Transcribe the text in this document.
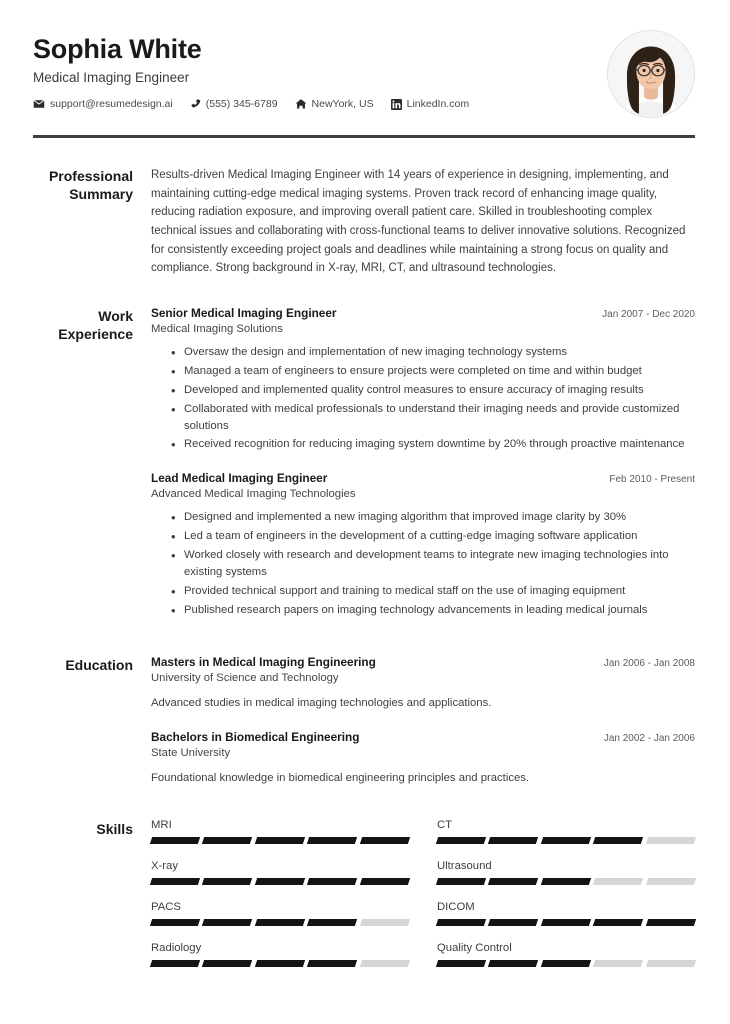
Sophia White
Medical Imaging Engineer
support@resumedesign.ai	(555) 345-6789	NewYork, US	LinkedIn.com
Professional Summary
Results-driven Medical Imaging Engineer with 14 years of experience in designing, implementing, and maintaining cutting-edge medical imaging systems. Proven track record of enhancing image quality, reducing radiation exposure, and improving overall patient care. Skilled in troubleshooting complex technical issues and collaborating with cross-functional teams to deliver innovative solutions. Recognized for consistently exceeding project goals and deadlines while maintaining a strong focus on quality and compliance. Strong background in X-ray, MRI, CT, and ultrasound technologies.
Work Experience
Senior Medical Imaging Engineer	Jan 2007 - Dec 2020
Medical Imaging Solutions
• Oversaw the design and implementation of new imaging technology systems
• Managed a team of engineers to ensure projects were completed on time and within budget
• Developed and implemented quality control measures to ensure accuracy of imaging results
• Collaborated with medical professionals to understand their imaging needs and provide customized solutions
• Received recognition for reducing imaging system downtime by 20% through proactive maintenance
Lead Medical Imaging Engineer	Feb 2010 - Present
Advanced Medical Imaging Technologies
• Designed and implemented a new imaging algorithm that improved image clarity by 30%
• Led a team of engineers in the development of a cutting-edge imaging software application
• Worked closely with research and development teams to integrate new imaging technologies into existing systems
• Provided technical support and training to medical staff on the use of imaging equipment
• Published research papers on imaging technology advancements in leading medical journals
Education	Masters in Medical Imaging Engineering	Jan 2006 - Jan 2008
University of Science and Technology
Advanced studies in medical imaging technologies and applications.
Bachelors in Biomedical Engineering	Jan 2002 - Jan 2006
State University
Foundational knowledge in biomedical engineering principles and practices.
Skills	MRI	CT
X-ray	Ultrasound
PACS	DICOM
Radiology	Quality Control
